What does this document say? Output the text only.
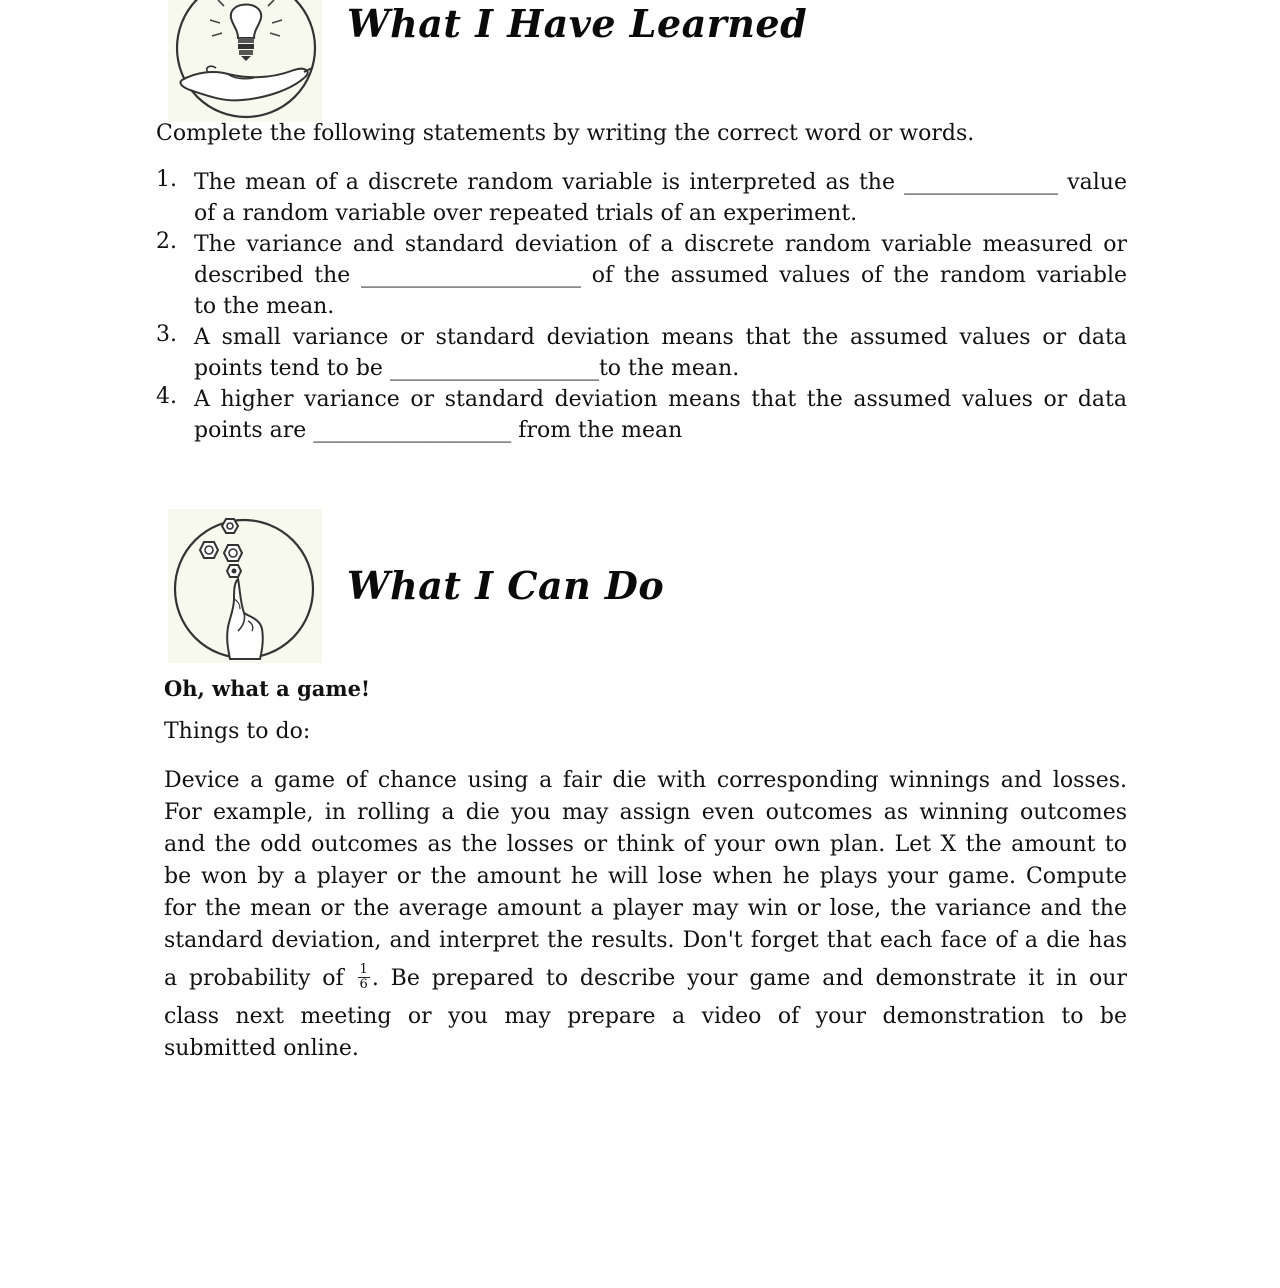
What I Have Learned

Complete the following statements by writing the correct word or words.

1. The mean of a discrete random variable is interpreted as the ______________ value
of a random variable over repeated trials of an experiment.
2. The variance and standard deviation of a discrete random variable measured or
described the ____________________ of the assumed values of the random variable
to the mean.
3. A small variance or standard deviation means that the assumed values or data
points tend to be ___________________to the mean.
4. A higher variance or standard deviation means that the assumed values or data
points are __________________ from the mean
What I Can Do

Oh, what a game!

Things to do:

Device a game of chance using a fair die with corresponding winnings and losses.
For example, in rolling a die you may assign even outcomes as winning outcomes
and the odd outcomes as the losses or think of your own plan. Let X the amount to
be won by a player or the amount he will lose when he plays your game. Compute
for the mean or the average amount a player may win or lose, the variance and the
standard deviation, and interpret the results. Don't forget that each face of a die has
a probability of $\frac{1}{6}$ . Be prepared to describe your game and demonstrate it in our
class next meeting or you may prepare a video of your demonstration to be
submitted online.
